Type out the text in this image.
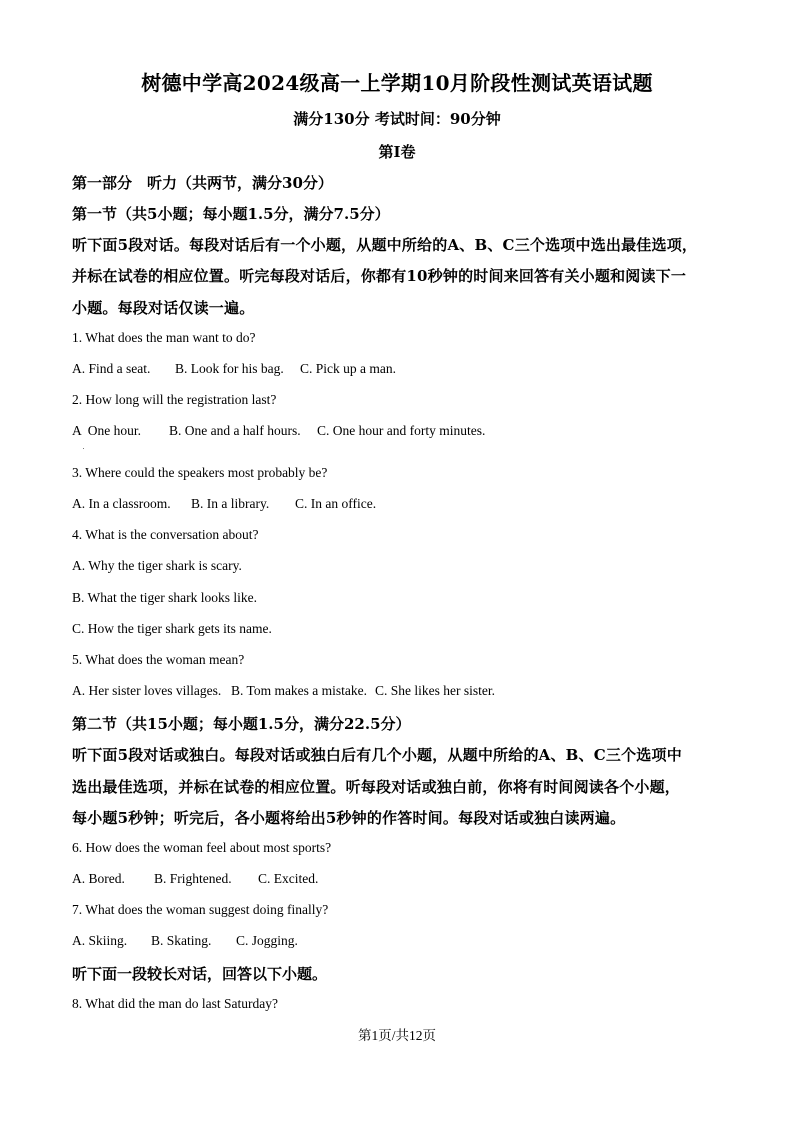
树德中学高2024级高一上学期10月阶段性测试英语试题
满分130分 考试时间：90分钟
第I卷
第一部分　听力（共两节，满分30分）
第一节（共5小题；每小题1.5分，满分7.5分）
听下面5段对话。每段对话后有一个小题，从题中所给的A、B、C三个选项中选出最佳选项，
并标在试卷的相应位置。听完每段对话后，你都有10秒钟的时间来回答有关小题和阅读下一
小题。每段对话仅读一遍。
1. What does the man want to do?
A. Find a seat. B. Look for his bag. C. Pick up a man.
2. How long will the registration last?
A  One hour. B. One and a half hours. C. One hour and forty minutes.
3. Where could the speakers most probably be?
A. In a classroom. B. In a library. C. In an office.
4. What is the conversation about?
A. Why the tiger shark is scary.
B. What the tiger shark looks like.
C. How the tiger shark gets its name.
5. What does the woman mean?
A. Her sister loves villages. B. Tom makes a mistake. C. She likes her sister.
第二节（共15小题；每小题1.5分，满分22.5分）
听下面5段对话或独白。每段对话或独白后有几个小题，从题中所给的A、B、C三个选项中
选出最佳选项，并标在试卷的相应位置。听每段对话或独白前，你将有时间阅读各个小题，
每小题5秒钟；听完后，各小题将给出5秒钟的作答时间。每段对话或独白读两遍。
6. How does the woman feel about most sports?
A. Bored. B. Frightened. C. Excited.
7. What does the woman suggest doing finally?
A. Skiing. B. Skating. C. Jogging.
听下面一段较长对话，回答以下小题。
8. What did the man do last Saturday?
第1页/共12页
